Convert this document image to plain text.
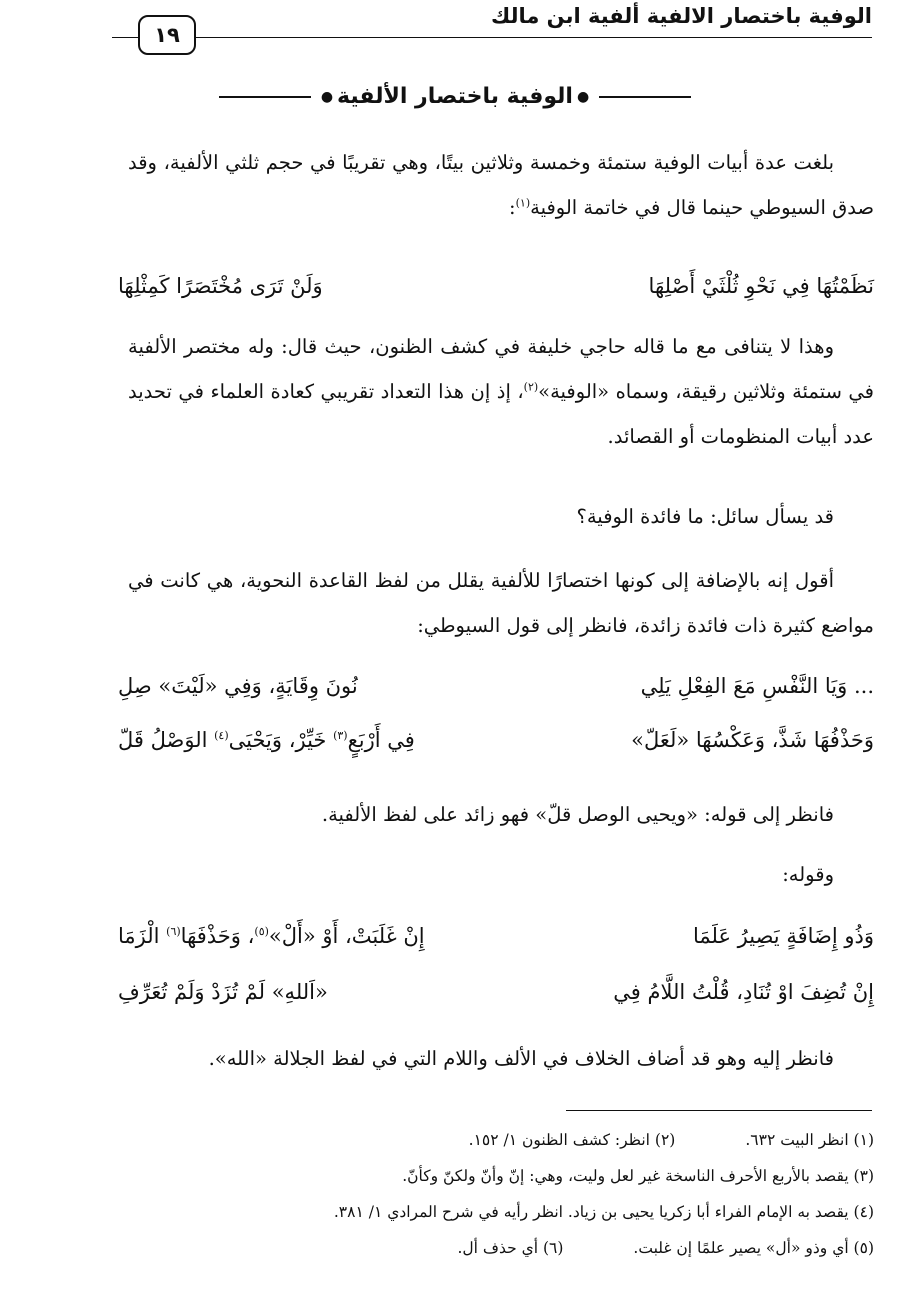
الوفية باختصار الالفية ألفية ابن مالك
١٩
●
الوفية باختصار الألفية
●

بلغت عدة أبيات الوفية ستمئة وخمسة وثلاثين بيتًا، وهي تقريبًا في حجم ثلثي الألفية، وقد صدق السيوطي حينما قال في خاتمة الوفية$^{(١)}$:

نَظَمْتُهَا فِي نَحْوِ ثُلْثَيْ أَصْلِهَا
وَلَنْ تَرَى مُخْتَصَرًا كَمِثْلِهَا

وهذا لا يتنافى مع ما قاله حاجي خليفة في كشف الظنون، حيث قال: وله مختصر الألفية في ستمئة وثلاثين رقيقة، وسماه «الوفية»$^{(٢)}$، إذ إن هذا التعداد تقريبي كعادة العلماء في تحديد عدد أبيات المنظومات أو القصائد.

قد يسأل سائل: ما فائدة الوفية؟

أقول إنه بالإضافة إلى كونها اختصارًا للألفية يقلل من لفظ القاعدة النحوية، هي كانت في مواضع كثيرة ذات فائدة زائدة، فانظر إلى قول السيوطي:

... وَيَا النَّفْسِ مَعَ الفِعْلِ يَلِي
نُونَ وِقَايَةٍ، وَفِي «لَيْتَ» صِلِ
وَحَذْفُهَا شَذَّ، وَعَكْسُهَا «لَعَلّ»
فِي أَرْبَعٍ$^{(٣)}$ خَيِّرْ، وَيَحْيَى$^{(٤)}$ الوَصْلُ قَلّ

فانظر إلى قوله: «ويحيى الوصل قلّ» فهو زائد على لفظ الألفية.

وقوله:

وَذُو إِضَافَةٍ يَصِيرُ عَلَمَا
إِنْ غَلَبَتْ، أَوْ «أَلْ»$^{(٥)}$، وَحَذْفَهَا$^{(٦)}$ الْزَمَا
إِنْ تُضِفَ اوْ تُنَادِ، قُلْتُ اللَّامُ فِي
«اَللهِ» لَمْ تُزَدْ وَلَمْ تُعَرِّفِ

فانظر إليه وهو قد أضاف الخلاف في الألف واللام التي في لفظ الجلالة «الله».

(١) انظر البيت ٦٣٢.
(٢) انظر: كشف الظنون ١/ ١٥٢.
(٣) يقصد بالأربع الأحرف الناسخة غير لعل وليت، وهي: إنّ وأنّ ولكنّ وكأنّ.
(٤) يقصد به الإمام الفراء أبا زكريا يحيى بن زياد. انظر رأيه في شرح المرادي ١/ ٣٨١.
(٥) أي وذو «أل» يصير علمًا إن غلبت.
(٦) أي حذف أل.
